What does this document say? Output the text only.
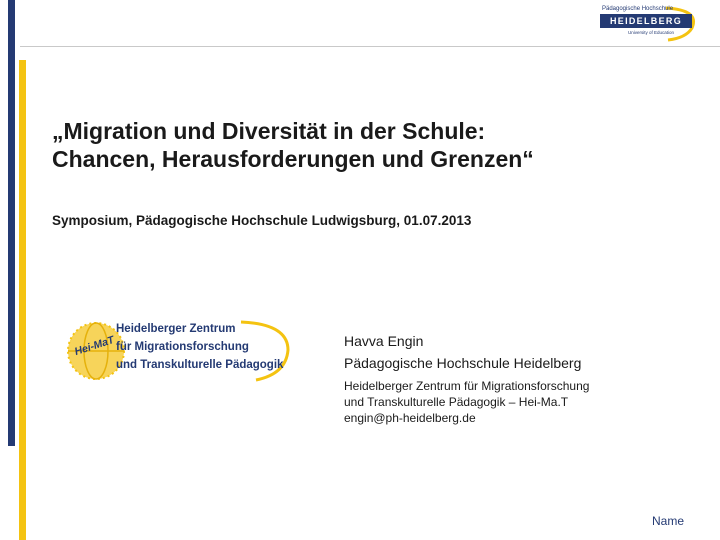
Pädagogische Hochschule
HEIDELBERG
University of Education
„Migration und Diversität in der Schule:
Chancen, Herausforderungen und Grenzen“
Symposium, Pädagogische Hochschule Ludwigsburg, 01.07.2013
Hei-MaT
Heidelberger Zentrum
für Migrationsforschung
und Transkulturelle Pädagogik
Havva Engin
Pädagogische Hochschule Heidelberg
Heidelberger Zentrum für Migrationsforschung
und Transkulturelle Pädagogik – Hei-Ma.T
engin@ph-heidelberg.de
Name
